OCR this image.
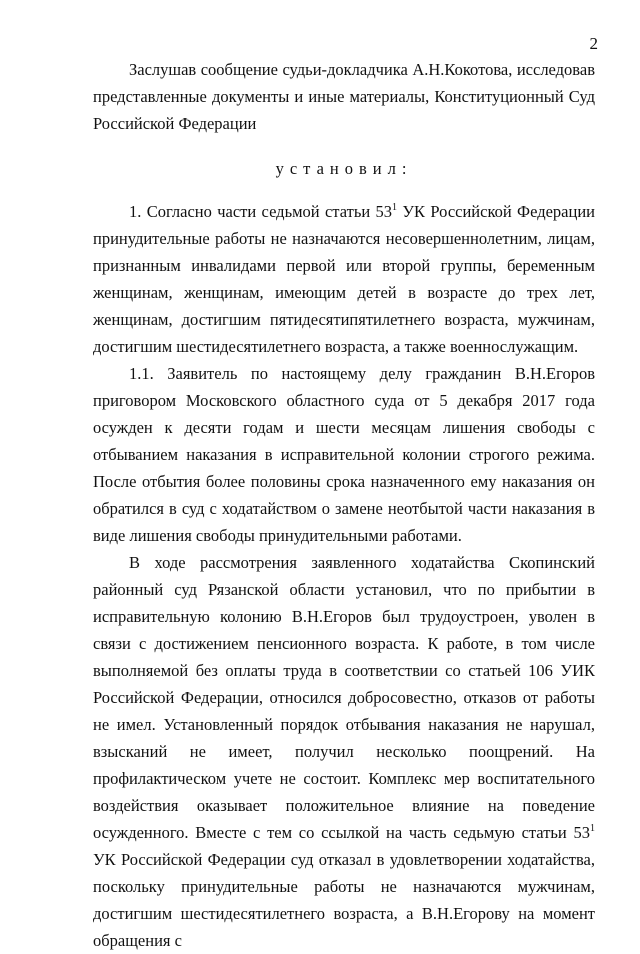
2

Заслушав сообщение судьи-докладчика А.Н.Кокотова, исследовав представленные документы и иные материалы, Конституционный Суд Российской Федерации

установил:

1. Согласно части седьмой статьи $53^1$ УК Российской Федерации принудительные работы не назначаются несовершеннолетним, лицам, признанным инвалидами первой или второй группы, беременным женщинам, женщинам, имеющим детей в возрасте до трех лет, женщинам, достигшим пятидесятипятилетнего возраста, мужчинам, достигшим шестидесятилетнего возраста, а также военнослужащим.

1.1. Заявитель по настоящему делу гражданин В.Н.Егоров приговором Московского областного суда от 5 декабря 2017 года осужден к десяти годам и шести месяцам лишения свободы с отбыванием наказания в исправительной колонии строгого режима. После отбытия более половины срока назначенного ему наказания он обратился в суд с ходатайством о замене неотбытой части наказания в виде лишения свободы принудительными работами.

В ходе рассмотрения заявленного ходатайства Скопинский районный суд Рязанской области установил, что по прибытии в исправительную колонию В.Н.Егоров был трудоустроен, уволен в связи с достижением пенсионного возраста. К работе, в том числе выполняемой без оплаты труда в соответствии со статьей 106 УИК Российской Федерации, относился добросовестно, отказов от работы не имел. Установленный порядок отбывания наказания не нарушал, взысканий не имеет, получил несколько поощрений. На профилактическом учете не состоит. Комплекс мер воспитательного воздействия оказывает положительное влияние на поведение осужденного. Вместе с тем со ссылкой на часть седьмую статьи $53^1$ УК Российской Федерации суд отказал в удовлетворении ходатайства, поскольку принудительные работы не назначаются мужчинам, достигшим шестидесятилетнего возраста, а В.Н.Егорову на момент обращения с
